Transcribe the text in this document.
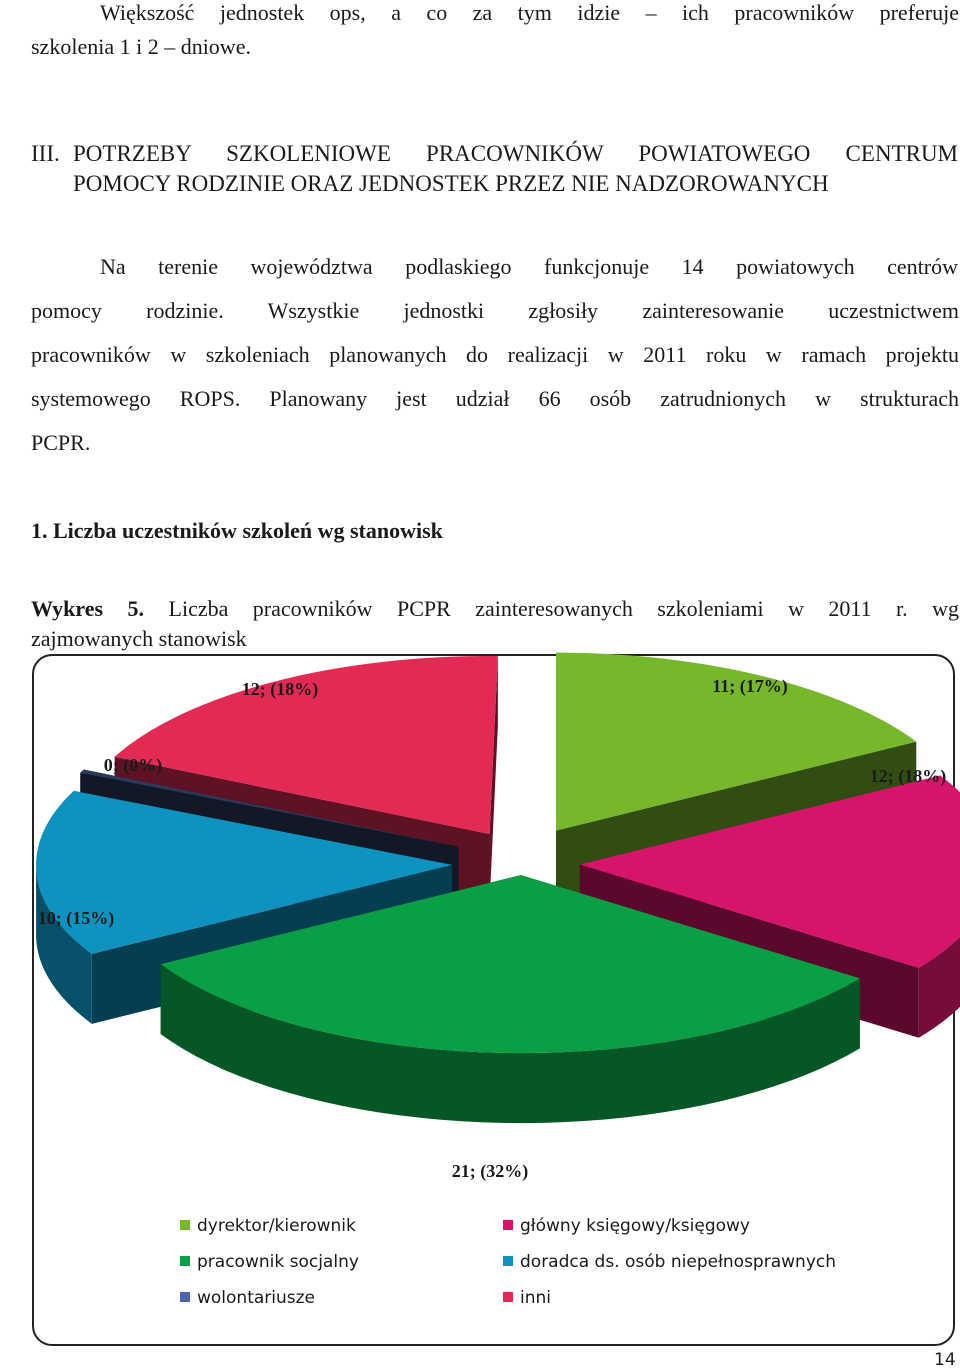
Większość jednostek ops, a co za tym idzie – ich pracowników preferuje
szkolenia 1 i 2 – dniowe.
III. POTRZEBY SZKOLENIOWE PRACOWNIKÓW POWIATOWEGO CENTRUM
POMOCY RODZINIE ORAZ JEDNOSTEK PRZEZ NIE NADZOROWANYCH
Na terenie województwa podlaskiego funkcjonuje 14 powiatowych centrów
pomocy rodzinie. Wszystkie jednostki zgłosiły zainteresowanie uczestnictwem
pracowników w szkoleniach planowanych do realizacji w 2011 roku w ramach projektu
systemowego ROPS. Planowany jest udział 66 osób zatrudnionych w strukturach
PCPR.
1. Liczba uczestników szkoleń wg stanowisk
Wykres 5. Liczba pracowników PCPR zainteresowanych szkoleniami w 2011 r. wg
zajmowanych stanowisk
11; (17%)
12; (18%)
21; (32%)
10; (15%)
0; (0%)
12; (18%)
dyrektor/kierownik	główny księgowy/księgowy
pracownik socjalny	doradca ds. osób niepełnosprawnych
wolontariusze	inni
14
